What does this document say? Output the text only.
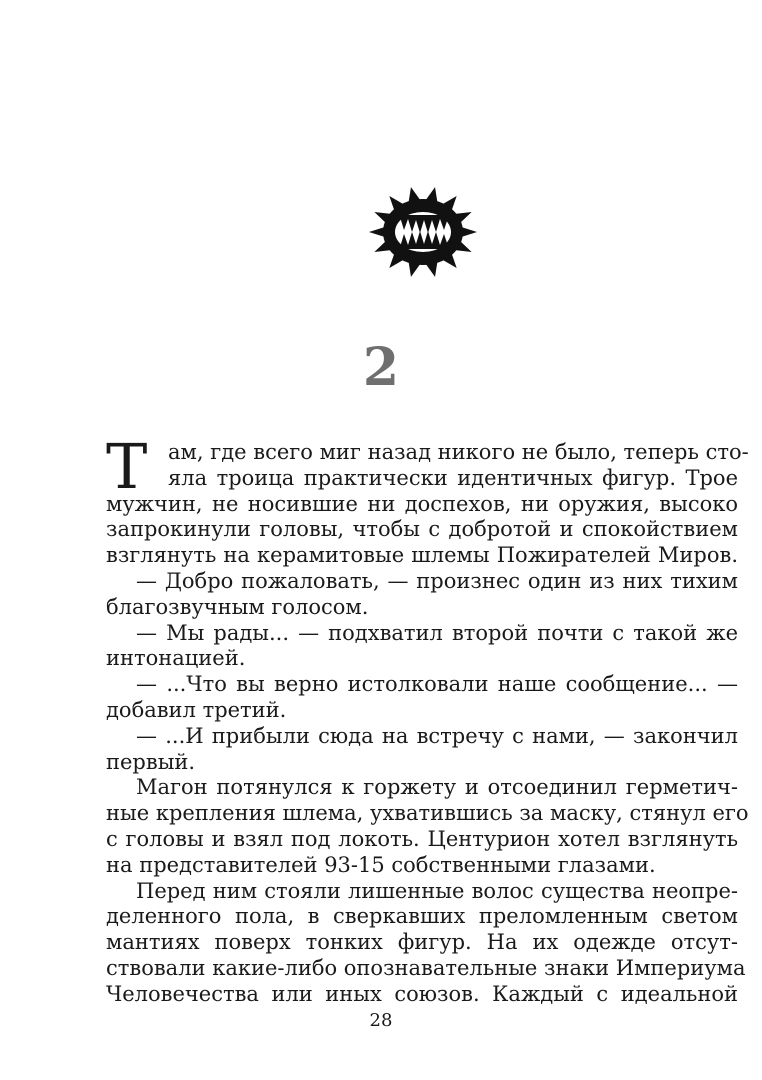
2
Т ам, где всего миг назад никого не было, теперь сто-
яла троица практически идентичных фигур. Трое
мужчин, не носившие ни доспехов, ни оружия, высоко
запрокинули головы, чтобы с добротой и спокойствием
взглянуть на керамитовые шлемы Пожирателей Миров.
— Добро пожаловать, — произнес один из них тихим
благозвучным голосом.
— Мы рады... — подхватил второй почти с такой же
интонацией.
— ...Что вы верно истолковали наше сообщение... —
добавил третий.
— ...И прибыли сюда на встречу с нами, — закончил
первый.
Магон потянулся к горжету и отсоединил герметич-
ные крепления шлема, ухватившись за маску, стянул его
с головы и взял под локоть. Центурион хотел взглянуть
на представителей 93-15 собственными глазами.
Перед ним стояли лишенные волос существа неопре-
деленного пола, в сверкавших преломленным светом
мантиях поверх тонких фигур. На их одежде отсут-
ствовали какие-либо опознавательные знаки Империума
Человечества или иных союзов. Каждый с идеальной
28
